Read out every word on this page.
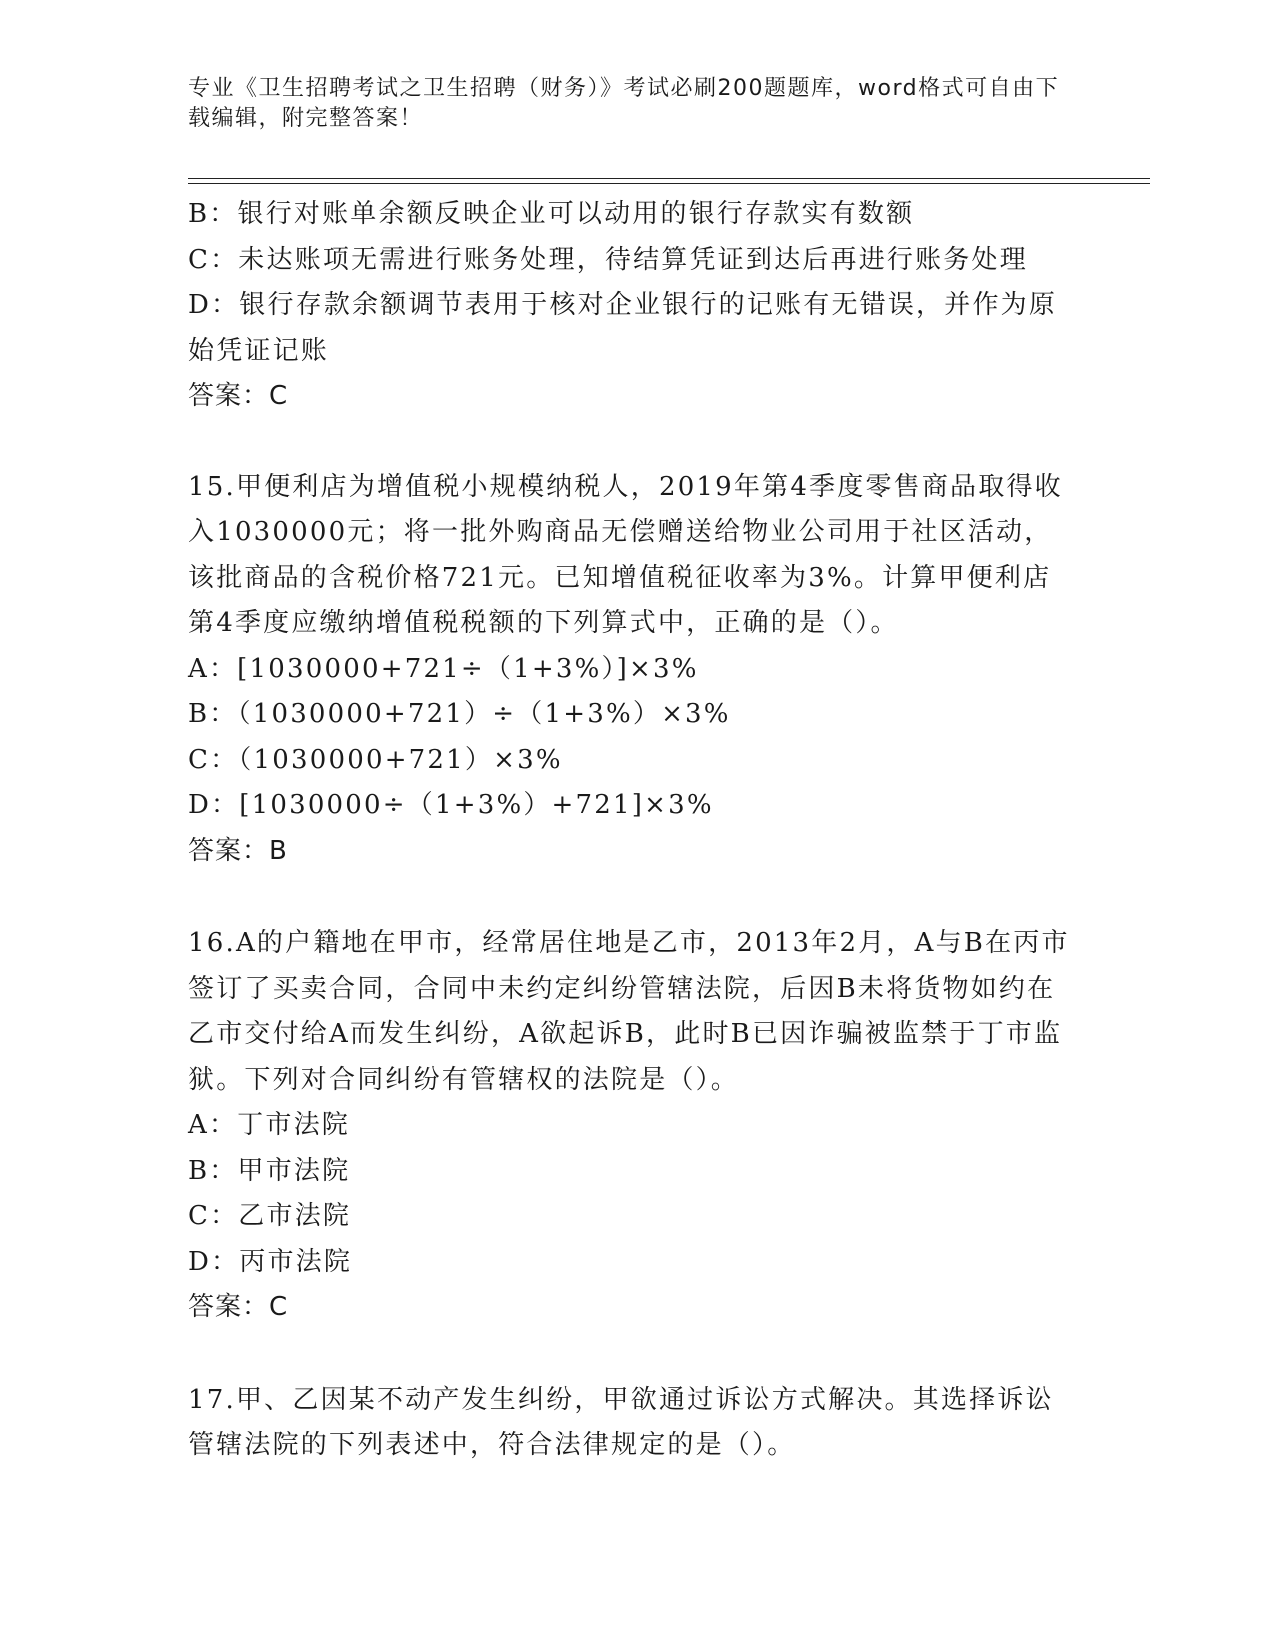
专业《卫生招聘考试之卫生招聘（财务）》考试必刷200题题库，word格式可自由下载编辑，附完整答案！

B：银行对账单余额反映企业可以动用的银行存款实有数额

C：未达账项无需进行账务处理，待结算凭证到达后再进行账务处理

D：银行存款余额调节表用于核对企业银行的记账有无错误，并作为原始凭证记账

答案：C

15.甲便利店为增值税小规模纳税人，2019年第4季度零售商品取得收入1030000元；将一批外购商品无偿赠送给物业公司用于社区活动，该批商品的含税价格721元。已知增值税征收率为3%。计算甲便利店第4季度应缴纳增值税税额的下列算式中，正确的是（）。

A：[1030000+721÷（1+3%）]×3%

B：（1030000+721）÷（1+3%）×3%

C：（1030000+721）×3%

D：[1030000÷（1+3%）+721]×3%

答案：B

16.A的户籍地在甲市，经常居住地是乙市，2013年2月，A与B在丙市签订了买卖合同，合同中未约定纠纷管辖法院，后因B未将货物如约在乙市交付给A而发生纠纷，A欲起诉B，此时B已因诈骗被监禁于丁市监狱。下列对合同纠纷有管辖权的法院是（）。

A：丁市法院

B：甲市法院

C：乙市法院

D：丙市法院

答案：C

17.甲、乙因某不动产发生纠纷，甲欲通过诉讼方式解决。其选择诉讼管辖法院的下列表述中，符合法律规定的是（）。
